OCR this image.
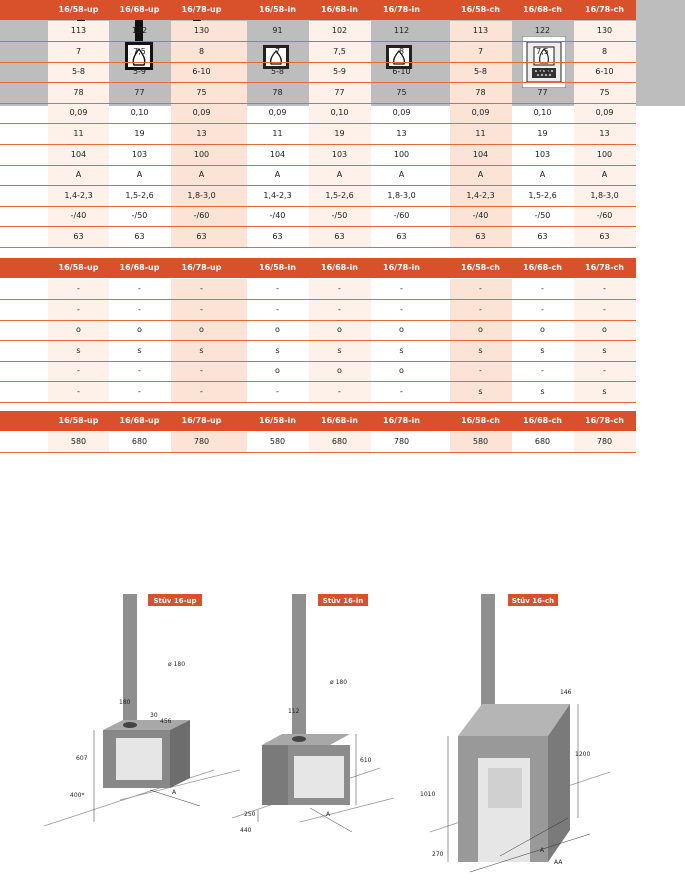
16/58-up	16/68-up	16/78-up	16/58-in	16/68-in	16/78-in	16/58-ch	16/68-ch	16/78-ch
113	122	130	91	102	112	113	122	130
7	7,5	8	7	7,5	8	7	7,5	8
5-8	5-9	6-10	5-8	5-9	6-10	5-8	5-9	6-10
78	77	75	78	77	75	78	77	75
0,09	0,10	0,09	0,09	0,10	0,09	0,09	0,10	0,09
11	19	13	11	19	13	11	19	13
104	103	100	104	103	100	104	103	100
A	A	A	A	A	A	A	A	A
1,4-2,3	1,5-2,6	1,8-3,0	1,4-2,3	1,5-2,6	1,8-3,0	1,4-2,3	1,5-2,6	1,8-3,0
-/40	-/50	-/60	-/40	-/50	-/60	-/40	-/50	-/60
63	63	63	63	63	63	63	63	63
16/58-up	16/68-up	16/78-up	16/58-in	16/68-in	16/78-in	16/58-ch	16/68-ch	16/78-ch
-	-	-	-	-	-	-	-	-
-	-	-	-	-	-	-	-	-
o	o	o	o	o	o	o	o	o
s	s	s	s	s	s	s	s	s
-	-	-	o	o	o	-	-	-
-	-	-	-	-	-	s	s	s
16/58-up	16/68-up	16/78-up	16/58-in	16/68-in	16/78-in	16/58-ch	16/68-ch	16/78-ch
580	680	780	580	680	780	580	680	780
Stûv 16-up
ø 180
180
30
456
607
400*	A
Stûv 16-in
ø 180
112
610
250
440
A
Stûv 16-ch
146
1200
1010
270
A
AA
